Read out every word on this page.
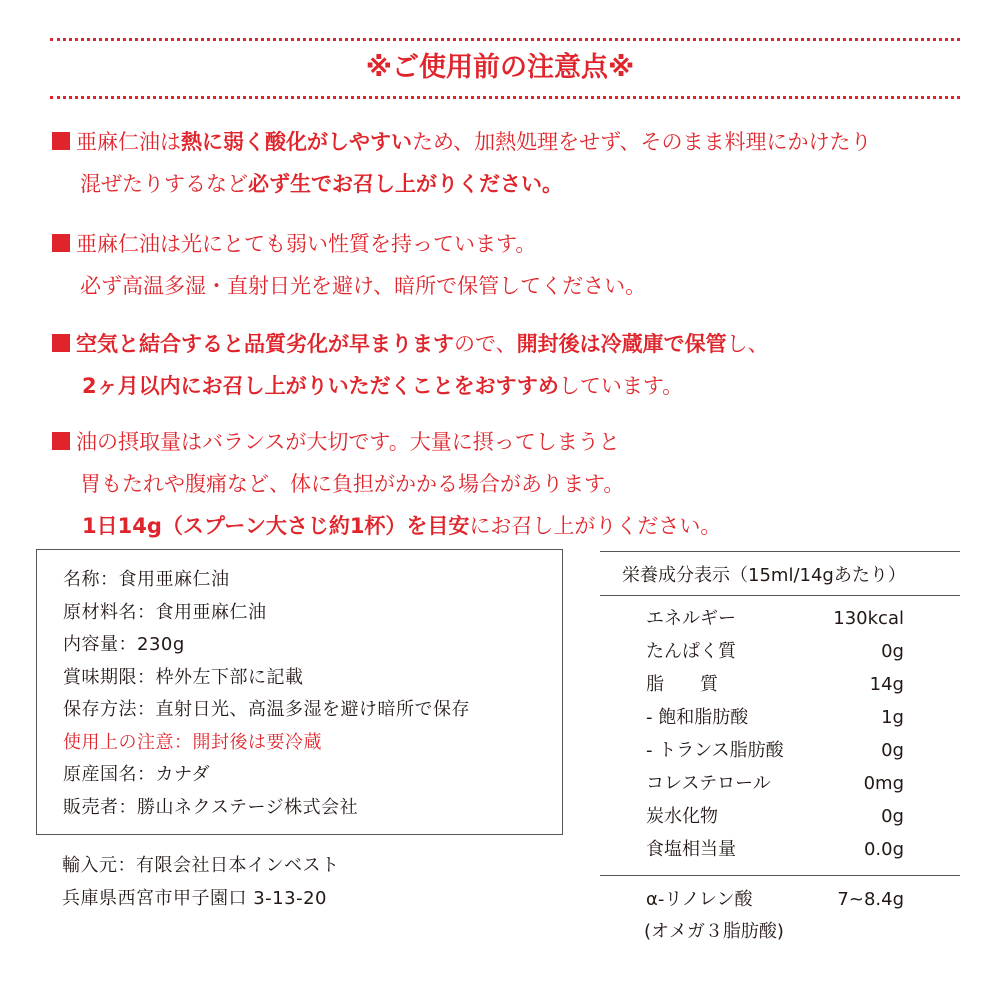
※ご使用前の注意点※
亜麻仁油は熱に弱く酸化がしやすいため、加熱処理をせず、そのまま料理にかけたり
混ぜたりするなど必ず生でお召し上がりください。
亜麻仁油は光にとても弱い性質を持っています。
必ず高温多湿・直射日光を避け、暗所で保管してください。
空気と結合すると品質劣化が早まりますので、開封後は冷蔵庫で保管し、
2ヶ月以内にお召し上がりいただくことをおすすめしています。
油の摂取量はバランスが大切です。大量に摂ってしまうと
胃もたれや腹痛など、体に負担がかかる場合があります。
1日14g（スプーン大さじ約1杯）を目安にお召し上がりください。
名称：食用亜麻仁油
原材料名：食用亜麻仁油
内容量：230g
賞味期限：枠外左下部に記載
保存方法：直射日光、高温多湿を避け暗所で保存
使用上の注意：開封後は要冷蔵
原産国名：カナダ
販売者：勝山ネクステージ株式会社
輸入元：有限会社日本インベスト
兵庫県西宮市甲子園口 3-13-20
栄養成分表示（15ml/14gあたり）
エネルギー	130kcal
たんぱく質	0g
脂　　質	14g
- 飽和脂肪酸	1g
- トランス脂肪酸	0g
コレステロール	0mg
炭水化物	0g
食塩相当量	0.0g
α-リノレン酸	7~8.4g
(オメガ３脂肪酸)
